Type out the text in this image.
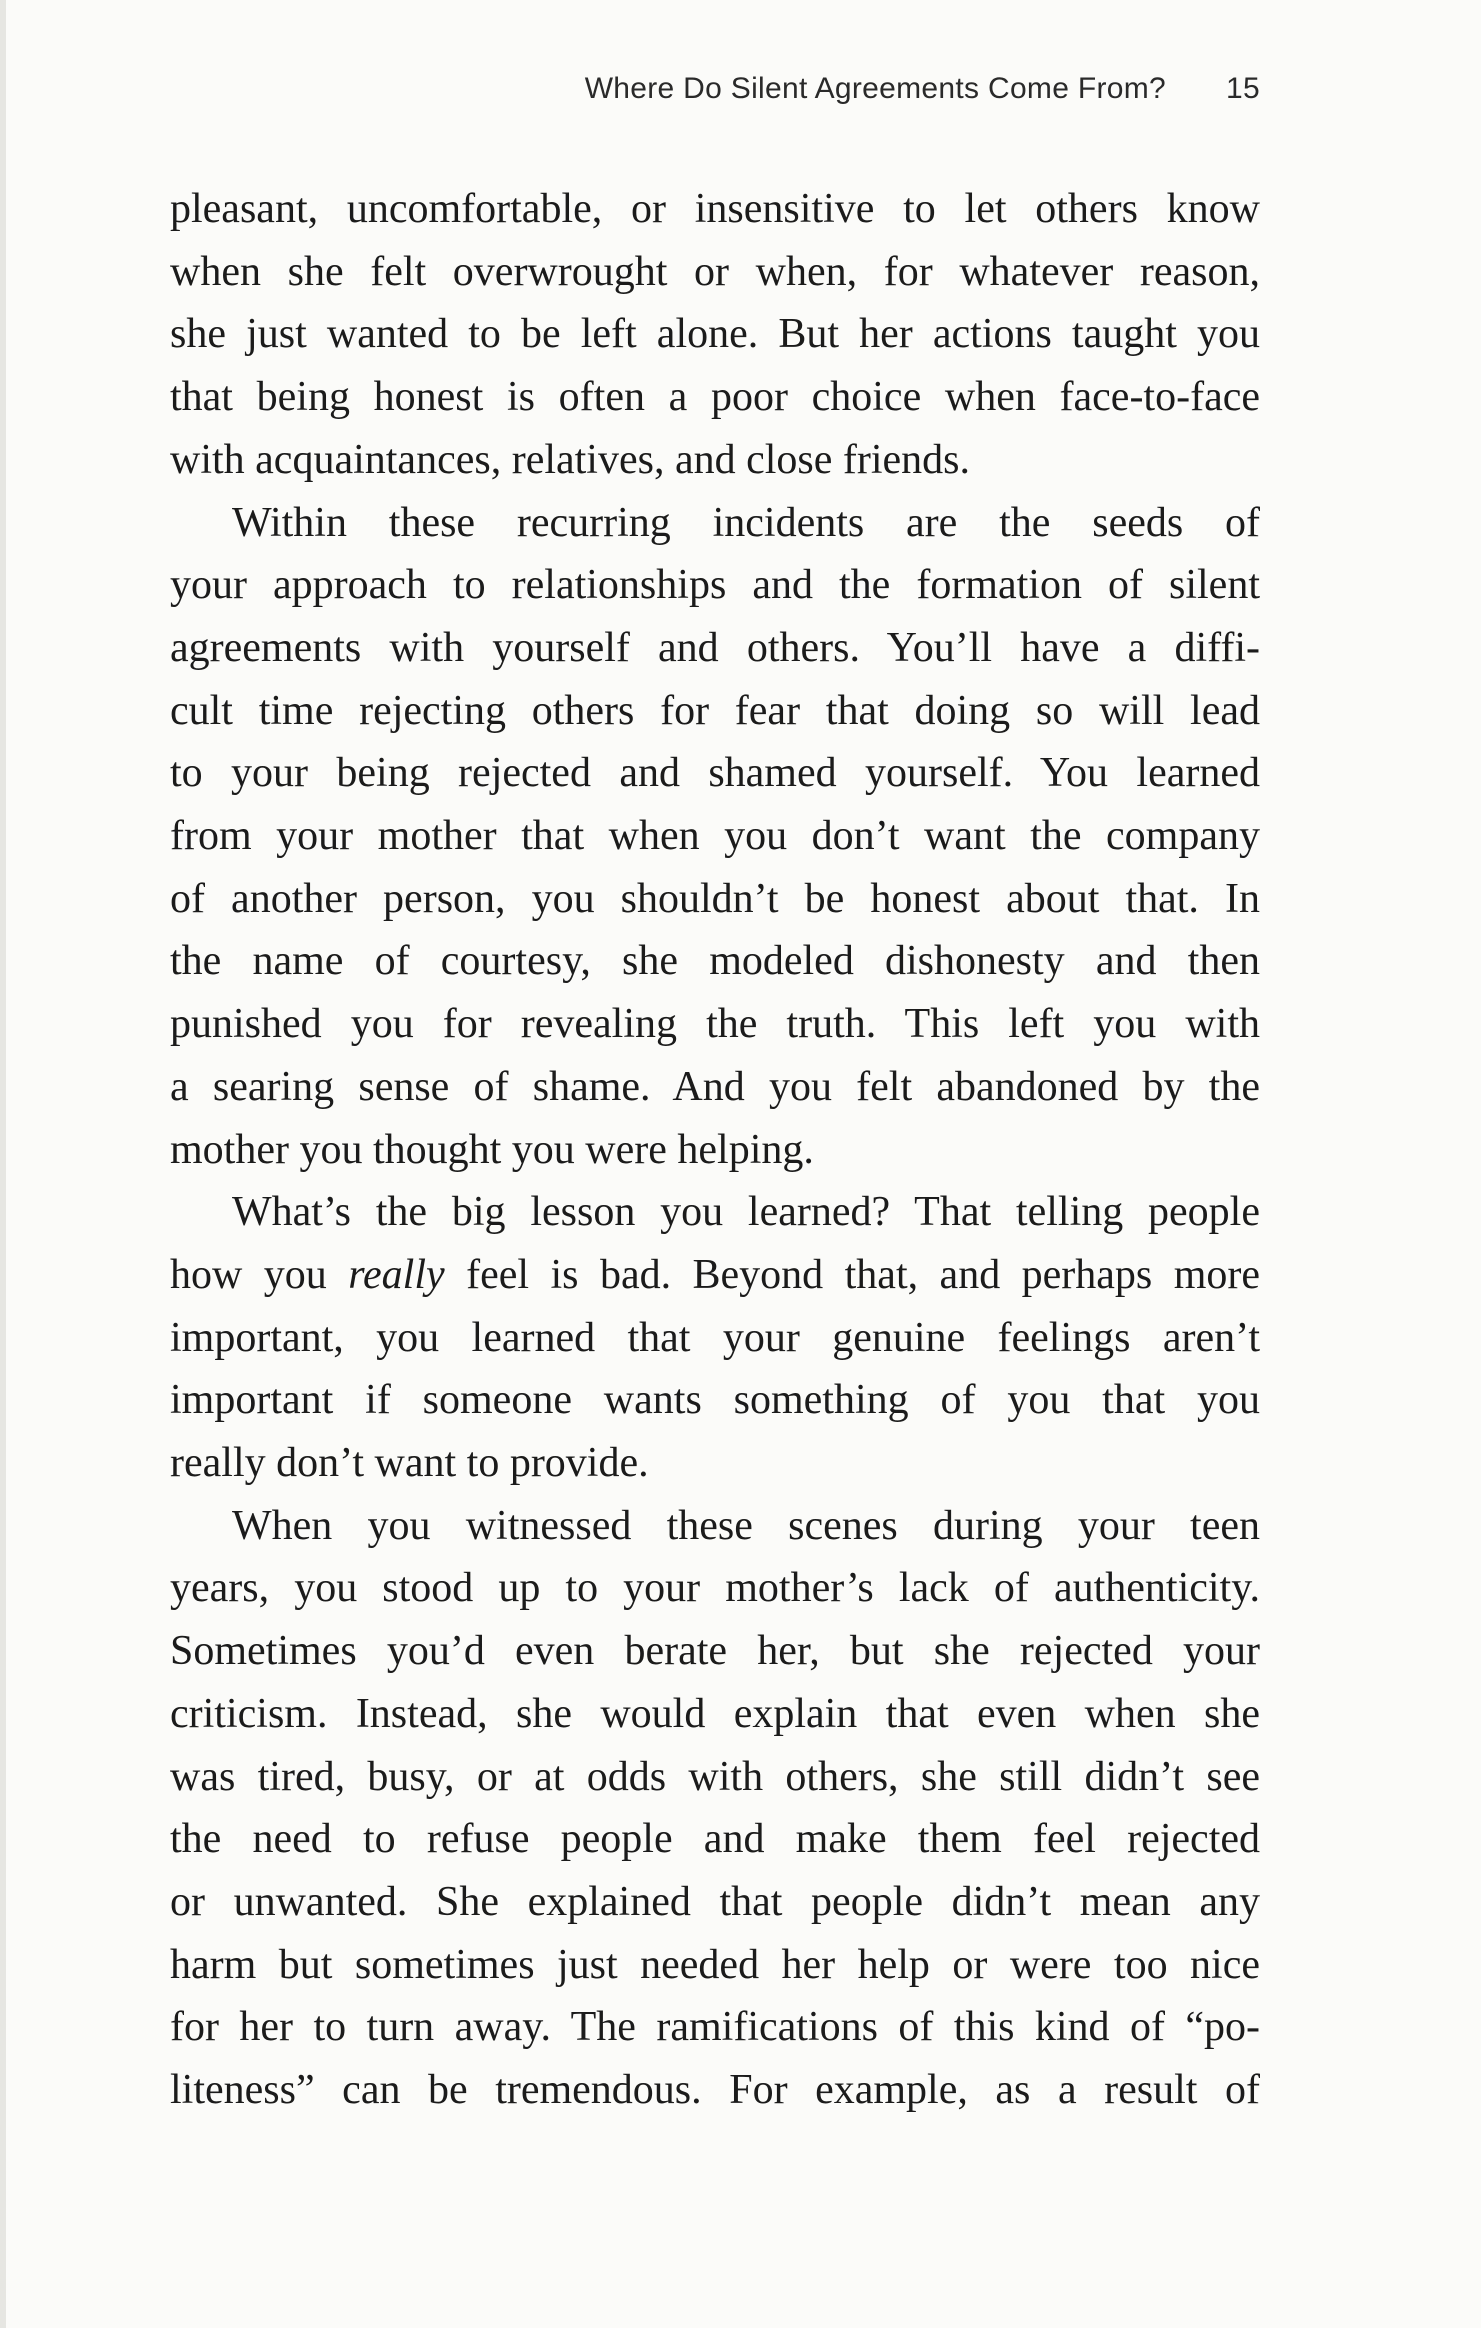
Where Do Silent Agreements Come From? 15

pleasant, uncomfortable, or insensitive to let others know
when she felt overwrought or when, for whatever reason,
she just wanted to be left alone. But her actions taught you
that being honest is often a poor choice when face-to-face
with acquaintances, relatives, and close friends.

Within these recurring incidents are the seeds of
your approach to relationships and the formation of silent
agreements with yourself and others. You’ll have a diffi-
cult time rejecting others for fear that doing so will lead
to your being rejected and shamed yourself. You learned
from your mother that when you don’t want the company
of another person, you shouldn’t be honest about that. In
the name of courtesy, she modeled dishonesty and then
punished you for revealing the truth. This left you with
a searing sense of shame. And you felt abandoned by the
mother you thought you were helping.

What’s the big lesson you learned? That telling people
how you really feel is bad. Beyond that, and perhaps more
important, you learned that your genuine feelings aren’t
important if someone wants something of you that you
really don’t want to provide.

When you witnessed these scenes during your teen
years, you stood up to your mother’s lack of authenticity.
Sometimes you’d even berate her, but she rejected your
criticism. Instead, she would explain that even when she
was tired, busy, or at odds with others, she still didn’t see
the need to refuse people and make them feel rejected
or unwanted. She explained that people didn’t mean any
harm but sometimes just needed her help or were too nice
for her to turn away. The ramifications of this kind of “po-
liteness” can be tremendous. For example, as a result of
